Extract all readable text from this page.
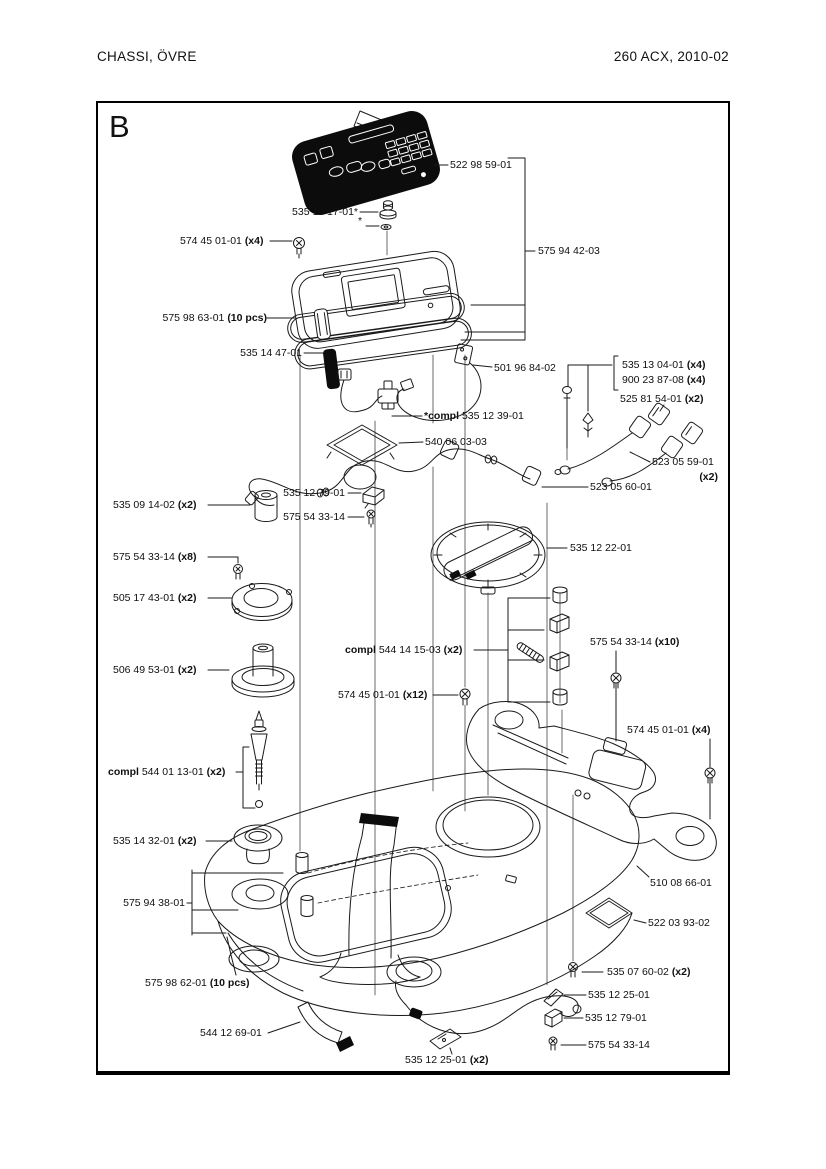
CHASSI, ÖVRE	260 ACX, 2010-02
B
522 98 59-01
535 10 17-01*
574 45 01-01 (x4)
575 94 42-03
575 98 63-01 (10 pcs)
535 14 47-01
501 96 84-02
*compl 535 12 39-01
540 06 03-03
535 13 04-01 (x4)
900 23 87-08 (x4)
525 81 54-01 (x2)
523 05 59-01
(x2)
523 05 60-01
535 12 79-01
575 54 33-14
535 09 14-02 (x2)
575 54 33-14 (x8)
505 17 43-01 (x2)
506 49 53-01 (x2)
535 12 22-01
compl 544 14 15-03 (x2)
574 45 01-01 (x12)
575 54 33-14 (x10)
574 45 01-01 (x4)
compl 544 01 13-01 (x2)
535 14 32-01 (x2)
510 08 66-01
522 03 93-02
535 07 60-02 (x2)
535 12 25-01
535 12 79-01
575 54 33-14
575 94 38-01
575 98 62-01 (10 pcs)
544 12 69-01
535 12 25-01 (x2)
*
